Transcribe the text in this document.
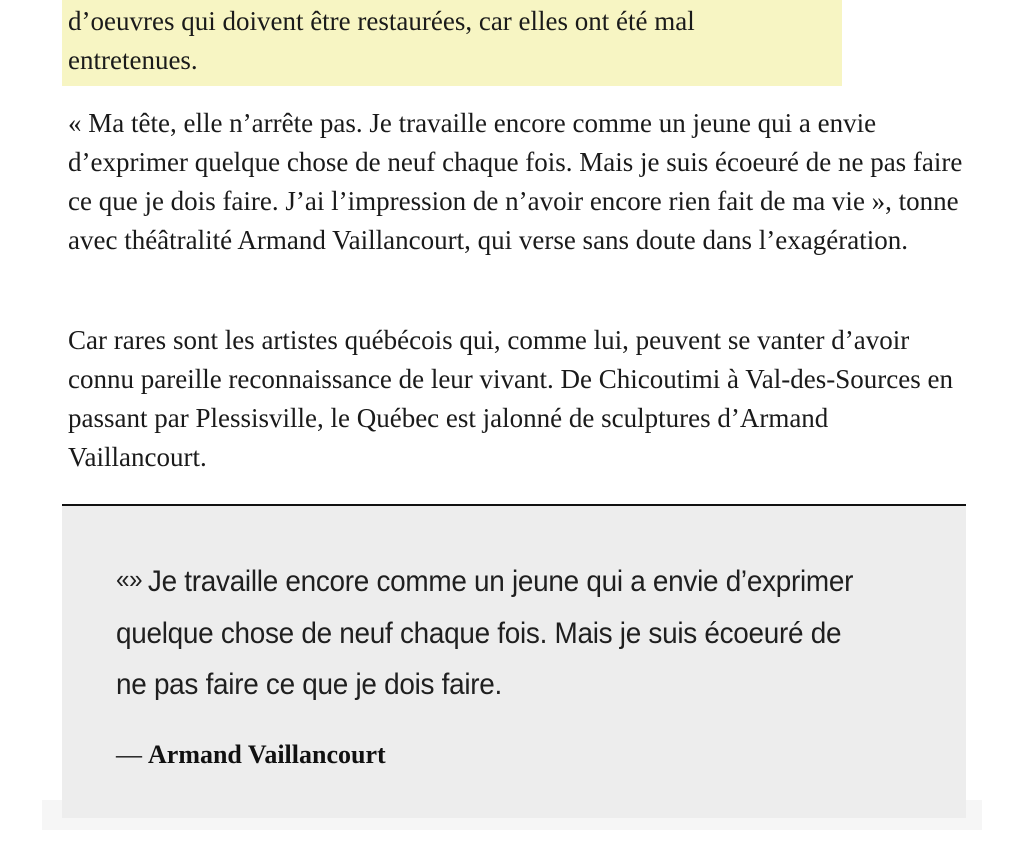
d’oeuvres qui doivent être restaurées, car elles ont été mal
entretenues.

« Ma tête, elle n’arrête pas. Je travaille encore comme un jeune qui a envie d’exprimer quelque chose de neuf chaque fois. Mais je suis écoeuré de ne pas faire ce que je dois faire. J’ai l’impression de n’avoir encore rien fait de ma vie », tonne avec théâtralité Armand Vaillancourt, qui verse sans doute dans l’exagération.

Car rares sont les artistes québécois qui, comme lui, peuvent se vanter d’avoir connu pareille reconnaissance de leur vivant. De Chicoutimi à Val-des-Sources en passant par Plessisville, le Québec est jalonné de sculptures d’Armand Vaillancourt.

«» Je travaille encore comme un jeune qui a envie d’exprimer quelque chose de neuf chaque fois. Mais je suis écoeuré de ne pas faire ce que je dois faire.
— Armand Vaillancourt
